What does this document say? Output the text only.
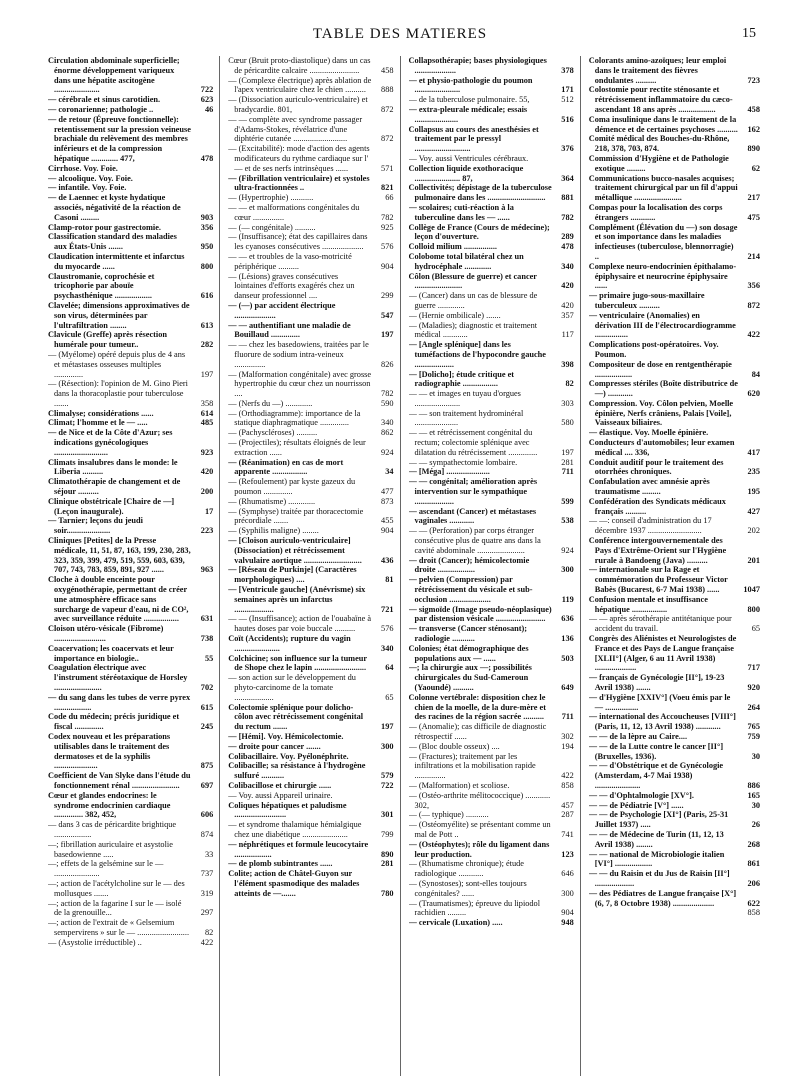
TABLE DES MATIERES	15
Circulation abdominale superficielle; énorme développement variqueux dans une hépatite ascitogène ......................	722
— cérébrale et sinus carotidien.	623
— coronarienne; pathologie ..	46
— de retour (Épreuve fonctionnelle): retentissement sur la pression veineuse brachiale du relèvement des membres inférieurs et de la compression hépatique ............. 477,	478
Cirrhose. Voy. Foie.
— alcoolique. Voy. Foie.
— infantile. Voy. Foie.
— de Laennec et kyste hydatique associés, négativité de la réaction de Casoni .........	903
Clamp-rotor pour gastrectomie.	356
Classification standard des maladies aux États-Unis .......	950
Claudication intermittente et infarctus du myocarde ......	800
Claustromanie, coprochésie et tricophorie par abouïe psychasthénique ..................	616
Clavelée; dimensions approximatives de son virus, déterminées par l'ultrafiltration ........	613
Clavicule (Greffe) après résection humérale pour tumeur..	282
— (Myélome) opéré depuis plus de 4 ans et métastases osseuses multiples ..............	197
— (Résection): l'opinion de M. Gino Pieri dans la thoracoplastie pour tuberculose .......	358
Climalyse; considérations ......	614
Climat; l'homme et le — .....	485
— de Nice et de la Côte d'Azur; ses indications gynécologiques ..........................	923
Climats insalubres dans le monde: le Liberia ..........	420
Climatothérapie de changement et de séjour ..........	200
Clinique obstétricale [Chaire de —] (Leçon inaugurale).	17
— Tarnier; leçons du jeudi soir.....................	223
Cliniques [Petites] de la Presse médicale, 11, 51, 87, 163, 199, 230, 283, 323, 359, 399, 479, 519, 559, 603, 639, 707, 743, 783, 859, 891, 927 ......	963
Cloche à double enceinte pour oxygénothérapie, permettant de créer une atmosphère efficace sans surcharge de vapeur d'eau, ni de CO², avec surveillance réduite .................	631
Cloison utéro-vésicale (Fibrome) .........................	738
Coacervation; les coacervats et leur importance en biologie..	55
Coagulation électrique avec l'instrument stéréotaxique de Horsley .......................	702
— du sang dans les tubes de verre pyrex ..................	615
Code du médecin; précis juridique et fiscal ..............	245
Codex nouveau et les préparations utilisables dans le traitement des dermatoses et de la syphilis .....................	875
Coefficient de Van Slyke dans l'étude du fonctionnement rénal .......................	697
Cœur et glandes endocrines: le syndrome endocrinien cardiaque .............. 382, 452,	606
— dans 3 cas de péricardite brightique ..................	874
—; fibrillation auriculaire et asystolie basedowienne .....	33
—; effets de la gelsémine sur le — ......................	737
—; action de l'acétylcholine sur le — des mollusques .......	319
—; action de la fagarine I sur le — isolé de la grenouille...	297
—; action de l'extrait de « Gelsemium sempervirens » sur le — .........................	82
— (Asystolie irréductible) ..	422
Cœur (Bruit proto-diastolique) dans un cas de péricardite calcaire ........................	458
— (Complexe électrique) après ablation de l'apex ventriculaire chez le chien ..........	888
— (Dissociation auriculo-ventriculaire) et bradycardie. 801,	872
— — complète avec syndrome passager d'Adams-Stokes, révélatrice d'une diphtérie cutanée ..........................	872
— (Excitabilité): mode d'action des agents modificateurs du rythme cardiaque sur l' — et de ses nerfs intrinsèques ......	571
— (Fibrillation ventriculaire) et systoles ultra-fractionnées ..	821
— (Hypertrophie) ...........	66
— — et malformations congénitales du cœur ...............	782
— (— congénitale) ..........	925
— (Insuffisance); état des capillaires dans les cyanoses consécutives ....................	576
— — et troubles de la vaso-motricité périphérique ..........	904
— (Lésions) graves consécutives lointaines d'efforts exagérés chez un danseur professionnel ....	299
— (—) par accident électrique ....................	547
— — authentifiant une maladie de Bouillaud ..............	197
— — chez les basedowiens, traitées par le fluorure de sodium intra-veineux ...............	826
— (Malformation congénitale) avec grosse hypertrophie du cœur chez un nourrisson ....	782
— (Nerfs du —) .............	590
— (Orthodiagramme): importance de la statique diaphragmatique ..............	340
— (Pachyscléroses) ..........	862
— (Projectiles); résultats éloignés de leur extraction ......	924
— (Réanimation) en cas de mort apparente .................	34
— (Refoulement) par kyste gazeux du poumon ..............	477
— (Rhumatisme) .............	873
— (Symphyse) traitée par thoracectomie précordiale .......	455
— (Syphilis maligne) ........	904
— [Cloison auriculo-ventriculaire] (Dissociation) et rétrécissement valvulaire aortique ............................	436
— [Réseau de Purkinje] (Caractères morphologiques) ....	81
— [Ventricule gauche] (Anévrisme) six semaines après un infarctus ...................	721
— — (Insuffisance); action de l'ouabaïne à hautes doses par voie buccale ..........	576
Coït (Accidents); rupture du vagin ......................	340
Colchicine; son influence sur la tumeur de Shope chez le lapin .........................	64
— son action sur le développement du phyto-carcinome de la tomate ...................	65
Colectomie splénique pour dolicho-côlon avec rétrécissement congénital du rectum .......	197
— [Hémi]. Voy. Hémicolectomie.
— droite pour cancer .......	300
Colibacillaire. Voy. Pyélonéphrite.
Colibacille; sa résistance à l'hydrogène sulfuré ...........	579
Colibacillose et chirurgie ......	722
— Voy. aussi Appareil urinaire.
Coliques hépatiques et paludisme .........................	301
— et syndrome thalamique hémialgique chez une diabétique ......................	799
— néphrétiques et formule leucocytaire ..................	890
— de plomb subintrantes ......	281
Colite; action de Châtel-Guyon sur l'élément spasmodique des malades atteints de —.......	780
Collapsothérapie; bases physiologiques ....................	378
— et physio-pathologie du poumon ......................	171
— de la tuberculose pulmonaire. 55,	512
— extra-pleurale médicale; essais .....................	516
Collapsus au cours des anesthésies et traitement par le pressyl ...........................	376
— Voy. aussi Ventricules cérébraux.
Collection liquide exothoracique ...................... 87,	364
Collectivités; dépistage de la tuberculose pulmonaire dans les ............................	881
— scolaires; cuti-réaction à la tuberculine dans les — ......	782
Collège de France (Cours de médecine); leçon d'ouverture.	289
Colloid milium ................	478
Colobome total bilatéral chez un hydrocéphale .............	340
Côlon (Blessure de guerre) et cancer .......................	420
— (Cancer) dans un cas de blessure de guerre .............	420
— (Hernie ombilicale) .......	357
— (Maladies); diagnostic et traitement médical ............	117
— [Angle splénique] dans les tuméfactions de l'hypocondre gauche ...................	398
— [Dolicho]; étude critique et radiographie .................	82
— — et images en tuyau d'orgues ......................	303
— — son traitement hydrominéral .....................	580
— — et rétrécissement congénital du rectum; colectomie splénique avec dilatation du rétrécissement ..............	197
— — sympathectomie lombaire.	281
— [Méga] .....................	711
— — congénital; amélioration après intervention sur le sympathique ...................	599
— ascendant (Cancer) et métastases vaginales ............	538
— — (Perforation) par corps étranger consécutive plus de quatre ans dans la cavité abdominale .......................	924
— droit (Cancer); hémicolectomie droite ..................	300
— pelvien (Compression) par rétrécissement du vésicale et sub-occlusion ....................	119
— sigmoïde (Image pseudo-néoplasique) par distension vésicale ........................	636
— transverse (Cancer sténosant); radiologie ...........	136
Colonies; état démographique des populations aux — ......	503
—; la chirurgie aux —; possibilités chirurgicales du Sud-Cameroun (Yaoundé) ..........	649
Colonne vertébrale: disposition chez le chien de la moelle, de la dure-mère et des racines de la région sacrée ..........	711
— (Anomalie); cas difficile de diagnostic rétrospectif ......	302
— (Bloc double osseux) ....	194
— (Fractures); traitement par les infiltrations et la mobilisation rapide ...............	422
— (Malformation) et scoliose.	858
— (Ostéo-arthrite mélitococcique) ............ 302,	457
— (— typhique) ...........	287
— (Ostéomyélite) se présentant comme un mal de Pott ..	741
— (Ostéophytes); rôle du ligament dans leur production.	123
— (Rhumatisme chronique); étude radiologique ............	646
— (Synostoses); sont-elles toujours congénitales? ......	300
— (Traumatismes); épreuve du lipiodol rachidien .........	904
— cervicale (Luxation) .....	948
Colorants amino-azoïques; leur emploi dans le traitement des fièvres ondulantes ..........	723
Colostomie pour rectite sténosante et rétrécissement inflammatoire du cæco-ascendant 18 ans après ..................	458
Coma insulinique dans le traitement de la démence et de certaines psychoses ..........	162
Comité médical des Bouches-du-Rhône, 218, 378, 703, 874.	890
Commission d'Hygiène et de Pathologie exotique .........	62
Communications bucco-nasales acquises; traitement chirurgical par un fil d'appui métallique .......................	217
Compas pour la localisation des corps étrangers ............	475
Complément (Élévation du —) son dosage et son importance dans les maladies infectieuses (tuberculose, blennorragie) ..	214
Complexe neuro-endocrinien épithalamo-épiphysaire et neurocrine épiphysaire ......	356
— primaire jugo-sous-maxillaire tuberculeux ..........	872
— ventriculaire (Anomalies) en dérivation III de l'électrocardiogramme ................	422
Complications post-opératoires. Voy. Poumon.
Compositeur de dose en rentgenthérapie ..................	84
Compresses stériles (Boîte distributrice de —) ............	620
Compression. Voy. Côlon pelvien, Moelle épinière, Nerfs crâniens, Palais [Voile], Vaisseaux biliaires.
— élastique. Voy. Moelle épinière.
Conducteurs d'automobiles; leur examen médical .... 336,	417
Conduit auditif pour le traitement des otorrhées chroniques.	235
Confabulation avec amnésie après traumatisme .........	195
Confédération des Syndicats médicaux français ..........	427
— —: conseil d'administration du 17 décembre 1937 ..........................	202
Conférence intergouvernementale des Pays d'Extrême-Orient sur l'Hygiène rurale à Bandoeng (Java) ..........	201
— internationale sur la Rage et commémoration du Professeur Victor Babès (Bucarest, 6-7 Mai 1938) ......	1047
Confusion mentale et insuffisance hépatique .................	800
— — après sérothérapie antitétanique pour accident du travail.	65
Congrès des Aliénistes et Neurologistes de France et des Pays de Langue française [XLII°] (Alger, 6 au 11 Avril 1938) ....................	717
— français de Gynécologie [II°], 19-23 Avril 1938) .......	920
— d'Hygiène [XXIV°] (Voeu émis par le — ................	264
— international des Accoucheuses [VIII°] (Paris, 11, 12, 13 Avril 1938) ............	765
— — de la lèpre au Caire....	759
— — de la Lutte contre le cancer [II°] (Bruxelles, 1936).	30
— — d'Obstétrique et de Gynécologie (Amsterdam, 4-7 Mai 1938) ......................	886
— — d'Ophtalmologie [XV°].	165
— — de Pédiatrie [V°] ......	30
— — de Psychologie [XI°] (Paris, 25-31 Juillet 1937) .....	26
— — de Médecine de Turin (11, 12, 13 Avril 1938) ........	268
— — national de Microbiologie italien [VI°] ..................	861
— — du Raisin et du Jus de Raisin [II°] ...................	206
— des Pédiatres de Langue française [X°] (6, 7, 8 Octobre 1938) ....................	622
858
